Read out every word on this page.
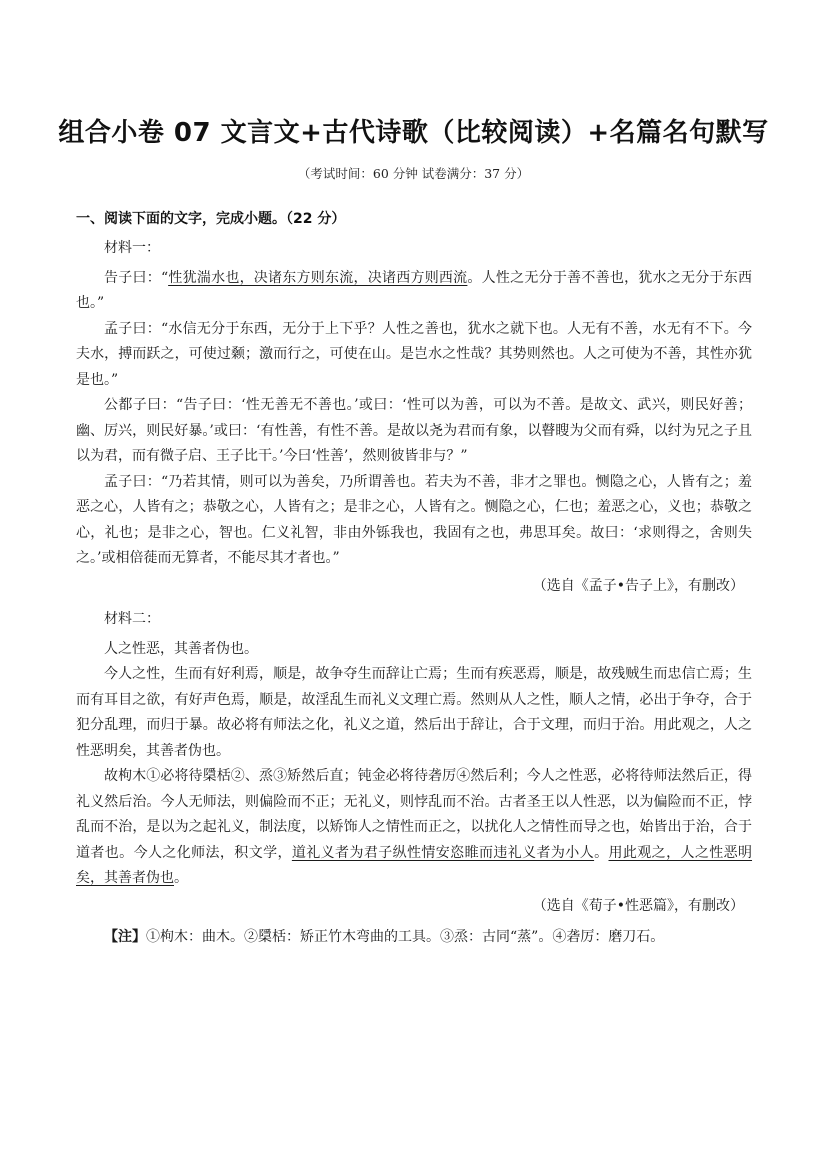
组合小卷 07 文言文+古代诗歌（比较阅读）+名篇名句默写
（考试时间：60 分钟 试卷满分：37 分）
一、阅读下面的文字，完成小题。（22 分）
材料一：

告子曰：“性犹湍水也，决诸东方则东流，决诸西方则西流。人性之无分于善不善也，犹水之无分于东西也。”

孟子曰：“水信无分于东西，无分于上下乎？人性之善也，犹水之就下也。人无有不善，水无有不下。今夫水，搏而跃之，可使过颡；激而行之，可使在山。是岂水之性哉？其势则然也。人之可使为不善，其性亦犹是也。”

公都子曰：“告子曰：‘性无善无不善也。’或曰：‘性可以为善，可以为不善。是故文、武兴，则民好善；幽、厉兴，则民好暴。’或曰：‘有性善，有性不善。是故以尧为君而有象，以瞽瞍为父而有舜，以纣为兄之子且以为君，而有微子启、王子比干。’今曰‘性善’，然则彼皆非与？”

孟子曰：“乃若其情，则可以为善矣，乃所谓善也。若夫为不善，非才之罪也。恻隐之心，人皆有之；羞恶之心，人皆有之；恭敬之心，人皆有之；是非之心，人皆有之。恻隐之心，仁也；羞恶之心，义也；恭敬之心，礼也；是非之心，智也。仁义礼智，非由外铄我也，我固有之也，弗思耳矣。故曰：‘求则得之，舍则失之。’或相倍蓰而无算者，不能尽其才者也。”

（选自《孟子•告子上》，有删改）
材料二：

人之性恶，其善者伪也。

今人之性，生而有好利焉，顺是，故争夺生而辞让亡焉；生而有疾恶焉，顺是，故残贼生而忠信亡焉；生而有耳目之欲，有好声色焉，顺是，故淫乱生而礼义文理亡焉。然则从人之性，顺人之情，必出于争夺，合于犯分乱理，而归于暴。故必将有师法之化，礼义之道，然后出于辞让，合于文理，而归于治。用此观之，人之性恶明矣，其善者伪也。

故枸木①必将待檃栝②、烝③矫然后直；钝金必将待砻厉④然后利；今人之性恶，必将待师法然后正，得礼义然后治。今人无师法，则偏险而不正；无礼义，则悖乱而不治。古者圣王以人性恶，以为偏险而不正，悖乱而不治，是以为之起礼义，制法度，以矫饰人之情性而正之，以扰化人之情性而导之也，始皆出于治，合于道者也。今人之化师法，积文学，道礼义者为君子纵性情安恣睢而违礼义者为小人。用此观之，人之性恶明矣，其善者伪也。

（选自《荀子•性恶篇》，有删改）
【注】①枸木：曲木。②檃栝：矫正竹木弯曲的工具。③烝：古同“蒸”。④砻厉：磨刀石。
